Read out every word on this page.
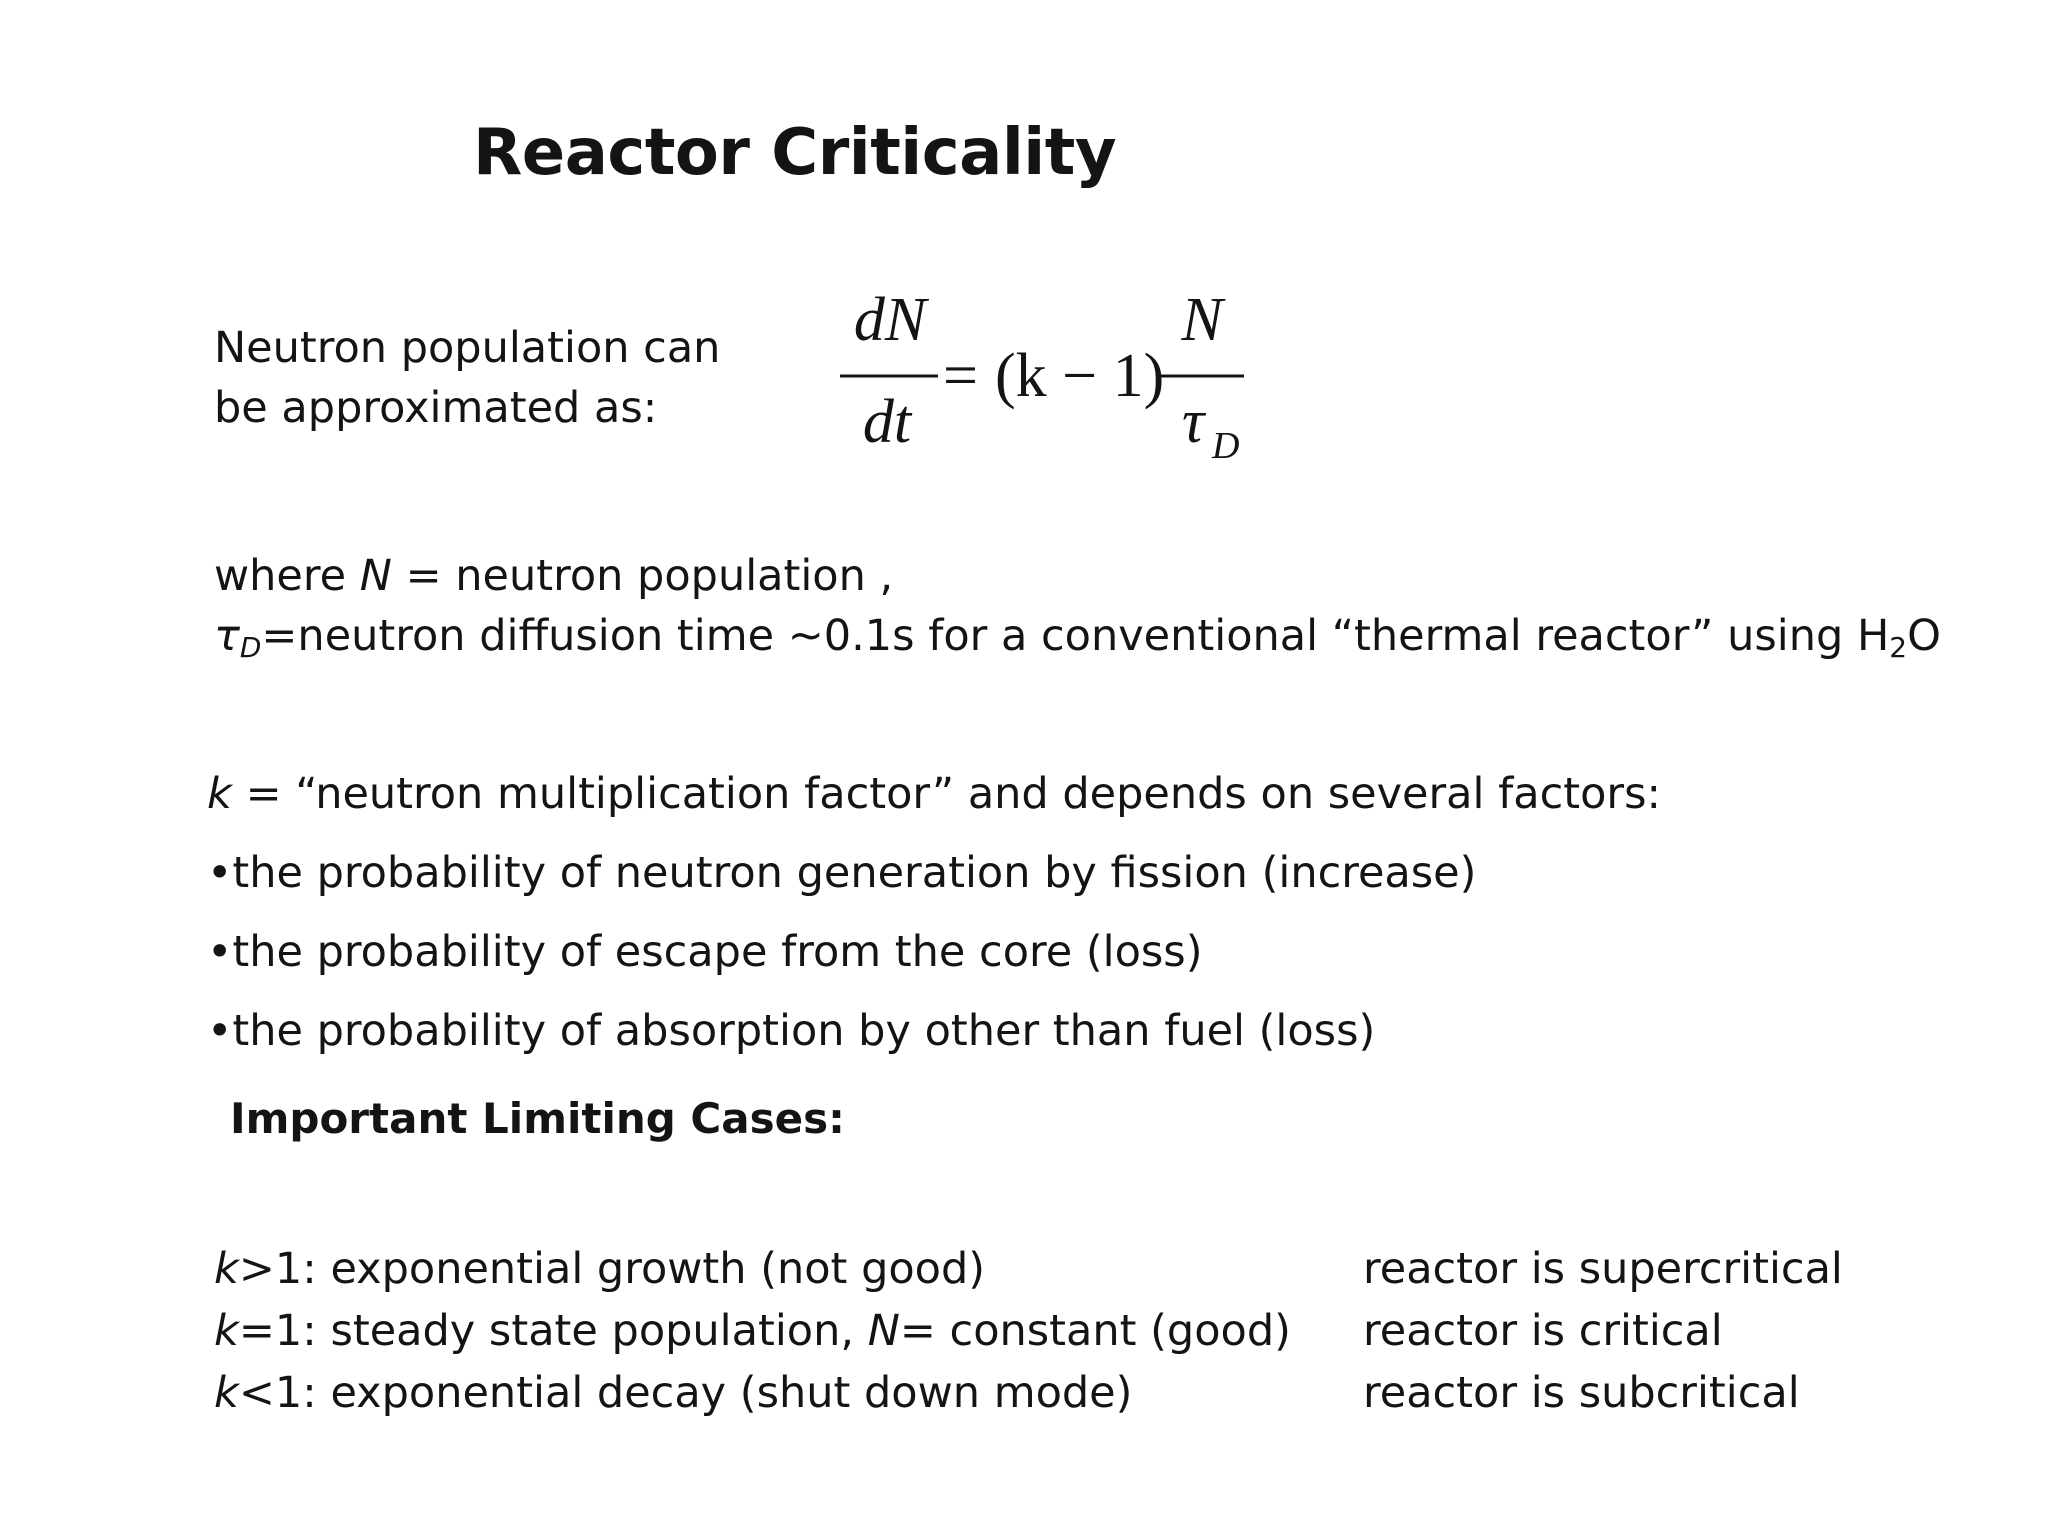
Reactor Criticality
Neutron population can
be approximated as:
dN
dt
= (k − 1)
N
τ D
where N = neutron population ,
$\tau_D=neutron$ diffusion time ~0.1s for a conventional “thermal reactor” using $H_2O$
k = “neutron multiplication factor” and depends on several factors:
•the probability of neutron generation by fission (increase)
•the probability of escape from the core (loss)
•the probability of absorption by other than fuel (loss)
Important Limiting Cases:
k>1: exponential growth (not good)
k=1: steady state population, N= constant (good)
k<1: exponential decay (shut down mode)
reactor is supercritical
reactor is critical
reactor is subcritical
